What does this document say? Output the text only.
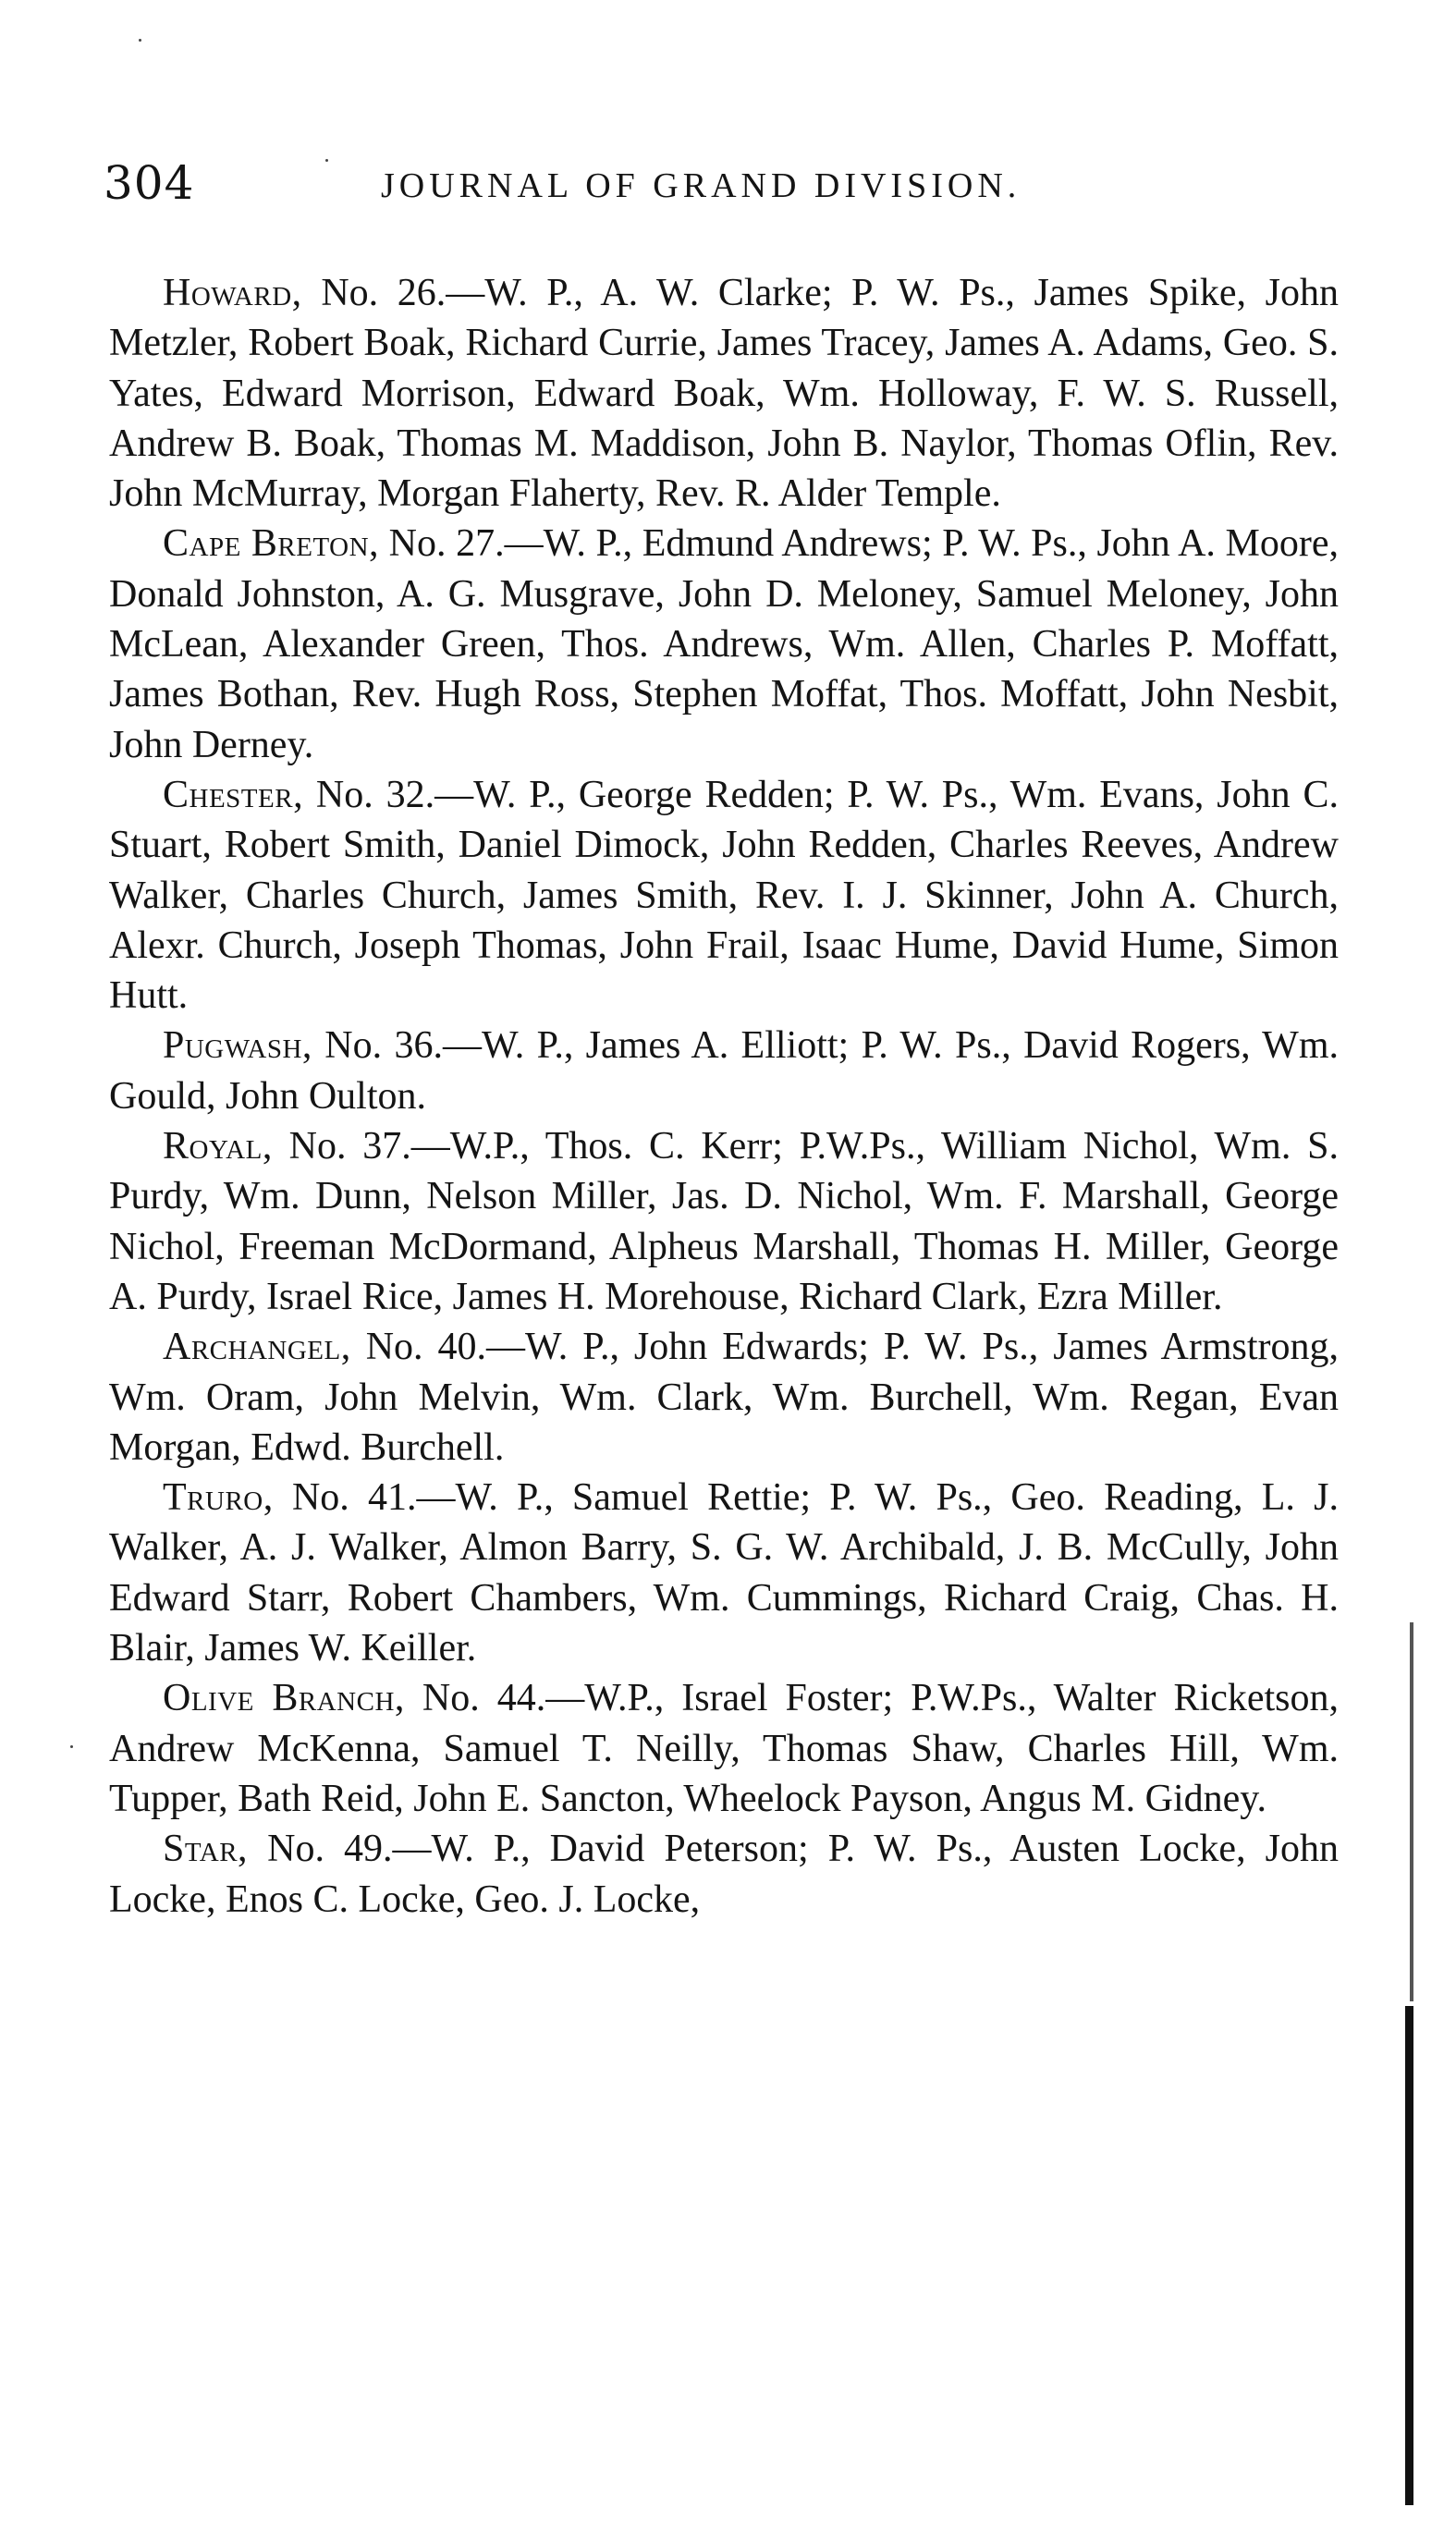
304	JOURNAL OF GRAND DIVISION.

Howard, No. 26.—W. P., A. W. Clarke; P. W. Ps., James Spike, John Metzler, Robert Boak, Richard Currie, James Tracey, James A. Adams, Geo. S. Yates, Edward Morrison, Edward Boak, Wm. Holloway, F. W. S. Russell, Andrew B. Boak, Thomas M. Maddison, John B. Naylor, Thomas Oflin, Rev. John McMurray, Morgan Flaherty, Rev. R. Alder Temple.

Cape Breton, No. 27.—W. P., Edmund Andrews; P. W. Ps., John A. Moore, Donald Johnston, A. G. Musgrave, John D. Meloney, Samuel Meloney, John McLean, Alexander Green, Thos. Andrews, Wm. Allen, Charles P. Moffatt, James Bothan, Rev. Hugh Ross, Stephen Moffat, Thos. Moffatt, John Nesbit, John Derney.

Chester, No. 32.—W. P., George Redden; P. W. Ps., Wm. Evans, John C. Stuart, Robert Smith, Daniel Dimock, John Redden, Charles Reeves, Andrew Walker, Charles Church, James Smith, Rev. I. J. Skinner, John A. Church, Alexr. Church, Joseph Thomas, John Frail, Isaac Hume, David Hume, Simon Hutt.

Pugwash, No. 36.—W. P., James A. Elliott; P. W. Ps., David Rogers, Wm. Gould, John Oulton.

Royal, No. 37.—W.P., Thos. C. Kerr; P.W.Ps., William Nichol, Wm. S. Purdy, Wm. Dunn, Nelson Miller, Jas. D. Nichol, Wm. F. Marshall, George Nichol, Freeman McDormand, Alpheus Marshall, Thomas H. Miller, George A. Purdy, Israel Rice, James H. Morehouse, Richard Clark, Ezra Miller.

Archangel, No. 40.—W. P., John Edwards; P. W. Ps., James Armstrong, Wm. Oram, John Melvin, Wm. Clark, Wm. Burchell, Wm. Regan, Evan Morgan, Edwd. Burchell.

Truro, No. 41.—W. P., Samuel Rettie; P. W. Ps., Geo. Reading, L. J. Walker, A. J. Walker, Almon Barry, S. G. W. Archibald, J. B. McCully, John Edward Starr, Robert Chambers, Wm. Cummings, Richard Craig, Chas. H. Blair, James W. Keiller.

Olive Branch, No. 44.—W.P., Israel Foster; P.W.Ps., Walter Ricketson, Andrew McKenna, Samuel T. Neilly, Thomas Shaw, Charles Hill, Wm. Tupper, Bath Reid, John E. Sancton, Wheelock Payson, Angus M. Gidney.

Star, No. 49.—W. P., David Peterson; P. W. Ps., Austen Locke, John Locke, Enos C. Locke, Geo. J. Locke,
